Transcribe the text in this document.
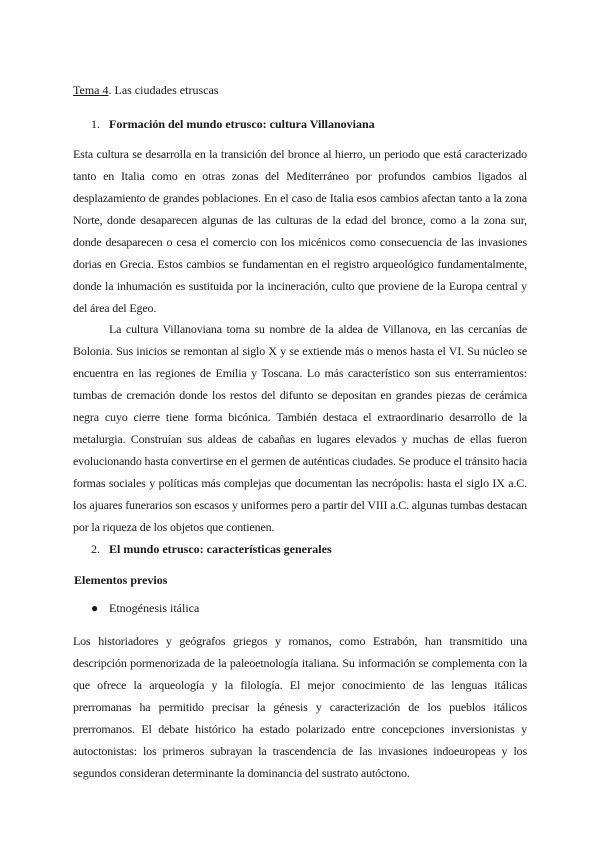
Tema 4. Las ciudades etruscas
1. Formación del mundo etrusco: cultura Villanoviana

Esta cultura se desarrolla en la transición del bronce al hierro, un periodo que está caracterizado tanto en Italia como en otras zonas del Mediterráneo por profundos cambios ligados al desplazamiento de grandes poblaciones. En el caso de Italia esos cambios afectan tanto a la zona Norte, donde desaparecen algunas de las culturas de la edad del bronce, como a la zona sur, donde desaparecen o cesa el comercio con los micénicos como consecuencia de las invasiones dorias en Grecia. Estos cambios se fundamentan en el registro arqueológico fundamentalmente, donde la inhumación es sustituida por la incineración, culto que proviene de la Europa central y del área del Egeo.

La cultura Villanoviana toma su nombre de la aldea de Villanova, en las cercanías de Bolonia. Sus inicios se remontan al siglo X y se extiende más o menos hasta el VI. Su núcleo se encuentra en las regiones de Emilia y Toscana. Lo más característico son sus enterramientos: tumbas de cremación donde los restos del difunto se depositan en grandes piezas de cerámica negra cuyo cierre tiene forma bicónica. También destaca el extraordinario desarrollo de la metalurgia. Construían sus aldeas de cabañas en lugares elevados y muchas de ellas fueron evolucionando hasta convertirse en el germen de auténticas ciudades. Se produce el tránsito hacia formas sociales y políticas más complejas que documentan las necrópolis: hasta el siglo IX a.C. los ajuares funerarios son escasos y uniformes pero a partir del VIII a.C. algunas tumbas destacan por la riqueza de los objetos que contienen.

2. El mundo etrusco: características generales
Elementos previos
● Etnogénesis itálica

Los historiadores y geógrafos griegos y romanos, como Estrabón, han transmitido una descripción pormenorizada de la paleoetnología italiana. Su información se complementa con la que ofrece la arqueología y la filología. El mejor conocimiento de las lenguas itálicas prerromanas ha permitido precisar la génesis y caracterización de los pueblos itálicos prerromanos. El debate histórico ha estado polarizado entre concepciones inversionistas y autoctonistas: los primeros subrayan la trascendencia de las invasiones indoeuropeas y los segundos consideran determinante la dominancia del sustrato autóctono.
